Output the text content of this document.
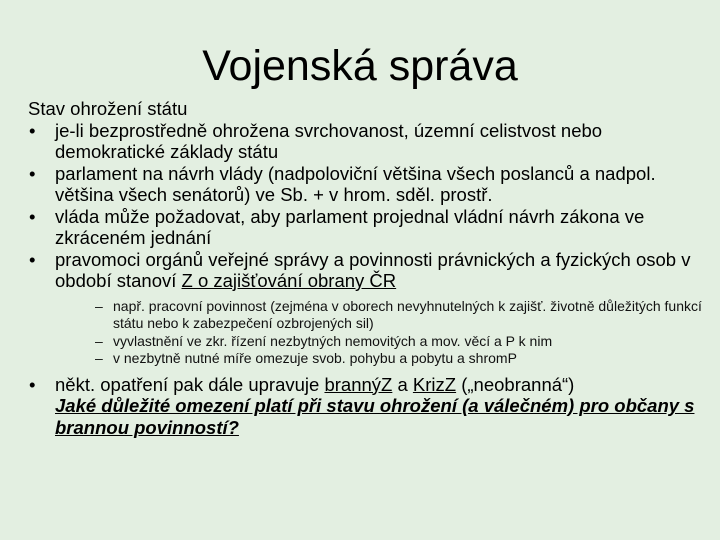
Vojenská správa
Stav ohrožení státu
• je-li bezprostředně ohrožena svrchovanost, územní celistvost nebo demokratické základy státu
• parlament na návrh vlády (nadpoloviční většina všech poslanců a nadpol. většina všech senátorů) ve Sb. + v hrom. sděl. prostř.
• vláda může požadovat, aby parlament projednal vládní návrh zákona ve zkráceném jednání
• pravomoci orgánů veřejné správy a povinnosti právnických a fyzických osob v období stanoví Z o zajišťování obrany ČR
– např. pracovní povinnost (zejména v oborech nevyhnutelných k zajišť. životně důležitých funkcí státu nebo k zabezpečení ozbrojených sil)
– vyvlastnění ve zkr. řízení nezbytných nemovitých a mov. věcí a P k nim
– v nezbytně nutné míře omezuje svob. pohybu a pobytu a shromP
• někt. opatření pak dále upravuje brannýZ a KrizZ („neobranná“)
Jaké důležité omezení platí při stavu ohrožení (a válečném) pro občany s brannou povinností?
